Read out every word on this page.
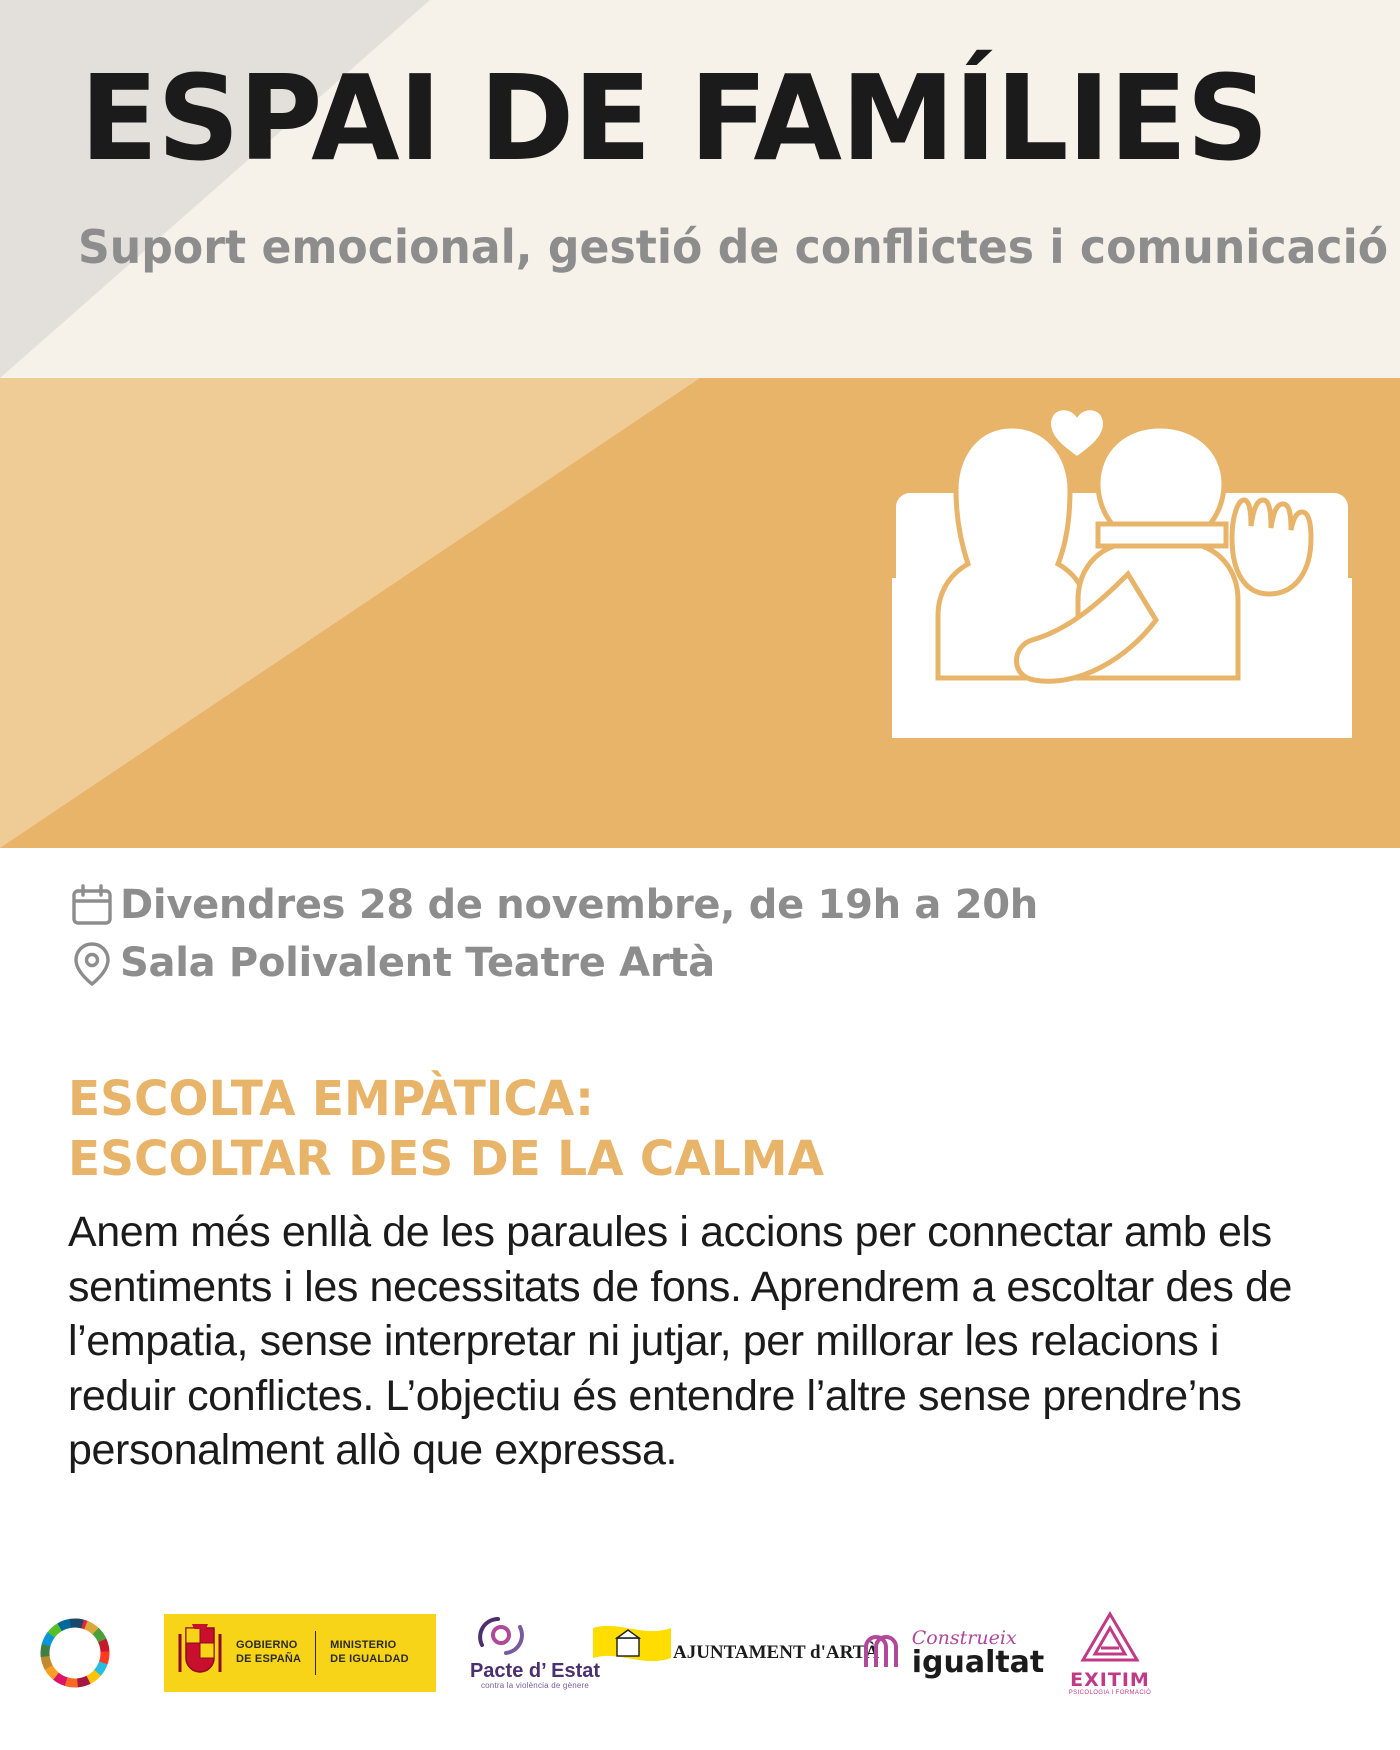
ESPAI DE FAMÍLIES
Suport emocional, gestió de conflictes i comunicació
Divendres 28 de novembre, de 19h a 20h
Sala Polivalent Teatre Artà
ESCOLTA EMPÀTICA:
ESCOLTAR DES DE LA CALMA
Anem més enllà de les paraules i accions per connectar amb els sentiments i les necessitats de fons. Aprendrem a escoltar des de l’empatia, sense interpretar ni jutjar, per millorar les relacions i reduir conflictes. L’objectiu és entendre l’altre sense prendre’ns personalment allò que expressa.
GOBIERNO
DE ESPAÑA
MINISTERIO
DE IGUALDAD
Pacte d’ Estat
contra la violència de gènere
AJUNTAMENT d'ARTÀ
Construeix
igualtat
EXITIM
PSICOLOGIA I FORMACIÓ
